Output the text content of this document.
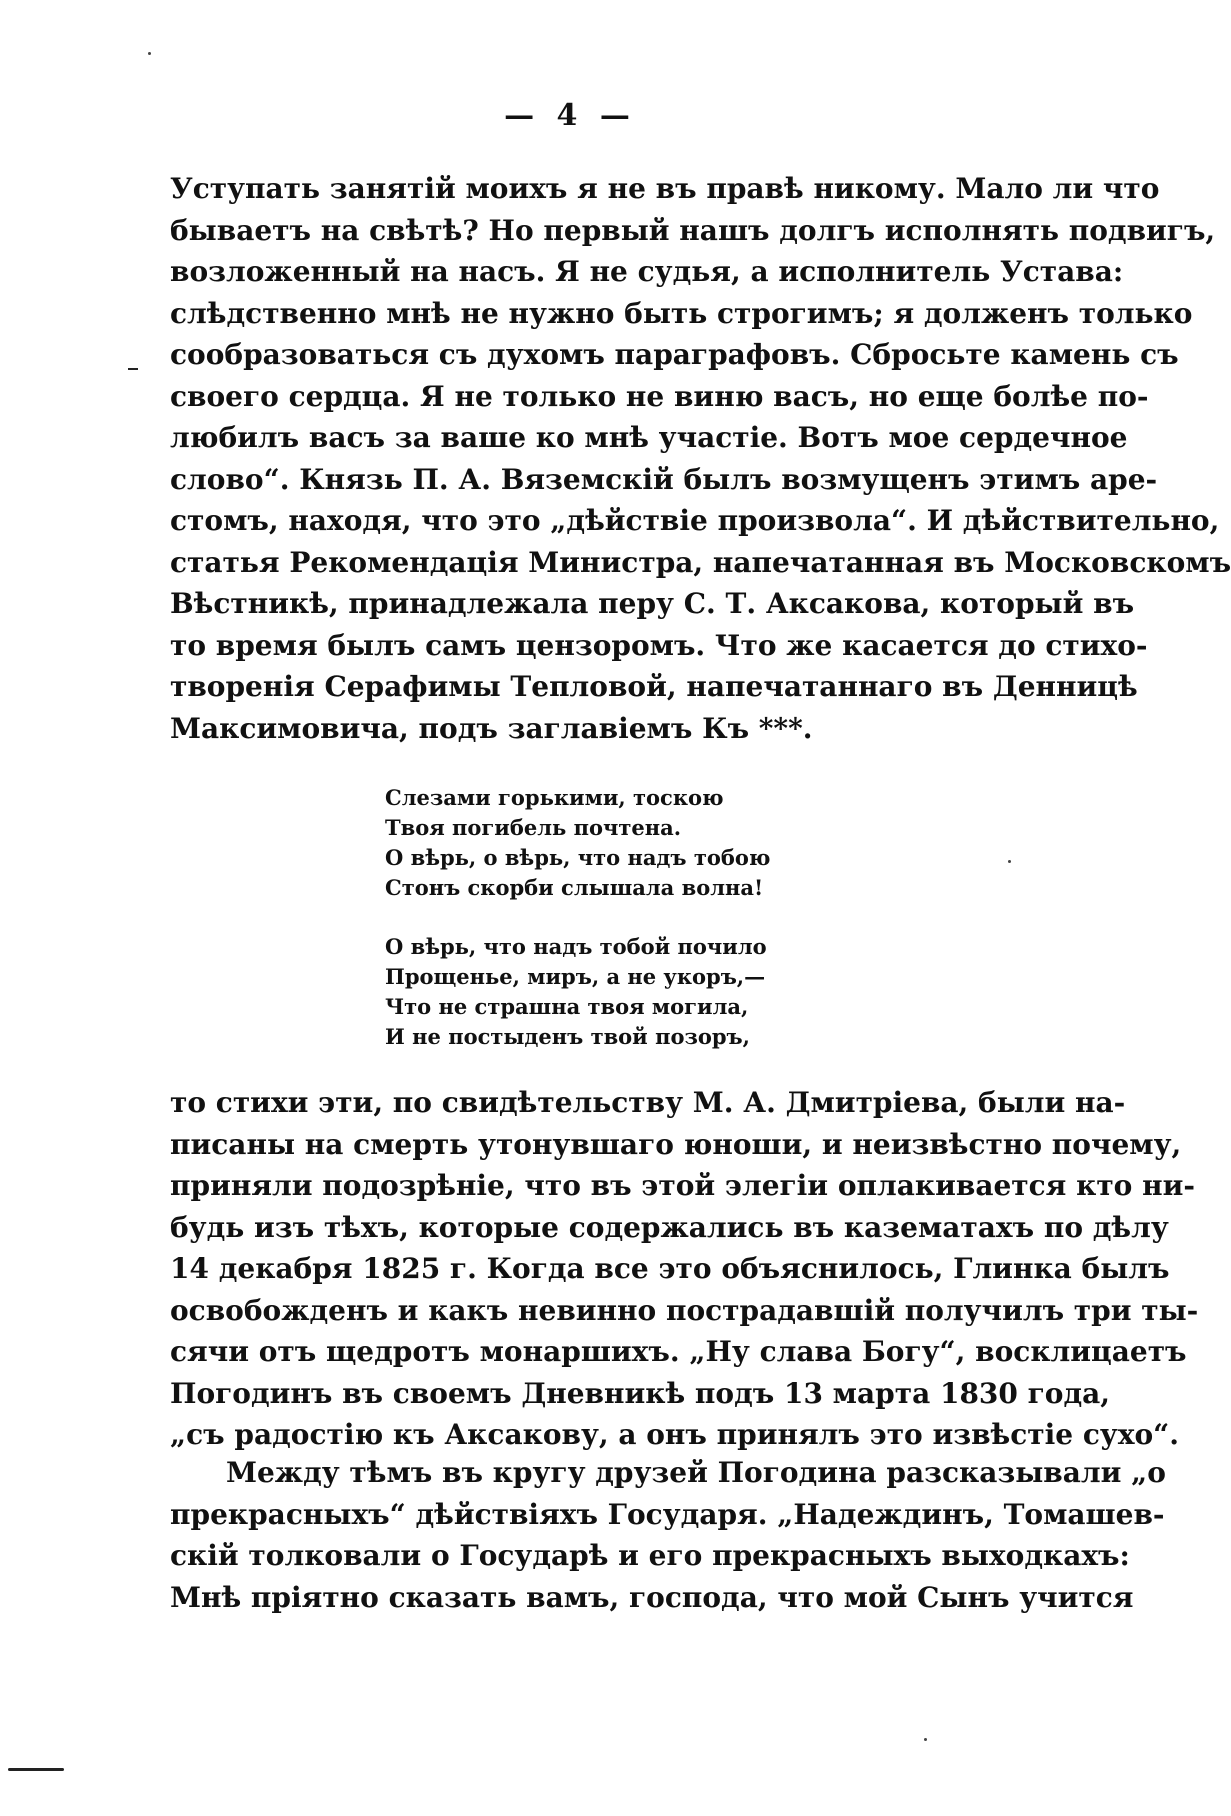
— 4 —
Уступать занятій моихъ я не въ правѣ никому. Мало ли что
бываетъ на свѣтѣ? Но первый нашъ долгъ исполнять подвигъ,
возложенный на насъ. Я не судья, а исполнитель Устава:
слѣдственно мнѣ не нужно быть строгимъ; я долженъ только
сообразоваться съ духомъ параграфовъ. Сбросьте камень съ
своего сердца. Я не только не виню васъ, но еще болѣе по-
любилъ васъ за ваше ко мнѣ участіе. Вотъ мое сердечное
слово“. Князь П. А. Вяземскій былъ возмущенъ этимъ аре-
стомъ, находя, что это „дѣйствіе произвола“. И дѣйствительно,
статья Рекомендація Министра, напечатанная въ Московскомъ
Вѣстникѣ, принадлежала перу С. Т. Аксакова, который въ
то время былъ самъ цензоромъ. Что же касается до стихо-
творенія Серафимы Тепловой, напечатаннаго въ Денницѣ
Максимовича, подъ заглавіемъ Къ ***.
Слезами горькими, тоскою
Твоя погибель почтена.
О вѣрь, о вѣрь, что надъ тобою
Стонъ скорби слышала волна!
О вѣрь, что надъ тобой почило
Прощенье, миръ, а не укоръ,—
Что не страшна твоя могила,
И не постыденъ твой позоръ,
то стихи эти, по свидѣтельству М. А. Дмитріева, были на-
писаны на смерть утонувшаго юноши, и неизвѣстно почему,
приняли подозрѣніе, что въ этой элегіи оплакивается кто ни-
будь изъ тѣхъ, которые содержались въ казематахъ по дѣлу
14 декабря 1825 г. Когда все это объяснилось, Глинка былъ
освобожденъ и какъ невинно пострадавшій получилъ три ты-
сячи отъ щедротъ монаршихъ. „Ну слава Богу“, восклицаетъ
Погодинъ въ своемъ Дневникѣ подъ 13 марта 1830 года,
„съ радостію къ Аксакову, а онъ принялъ это извѣстіе сухо“.
Между тѣмъ въ кругу друзей Погодина разсказывали „о
прекрасныхъ“ дѣйствіяхъ Государя. „Надеждинъ, Томашев-
скій толковали о Государѣ и его прекрасныхъ выходкахъ:
Мнѣ пріятно сказать вамъ, господа, что мой Сынъ учится
